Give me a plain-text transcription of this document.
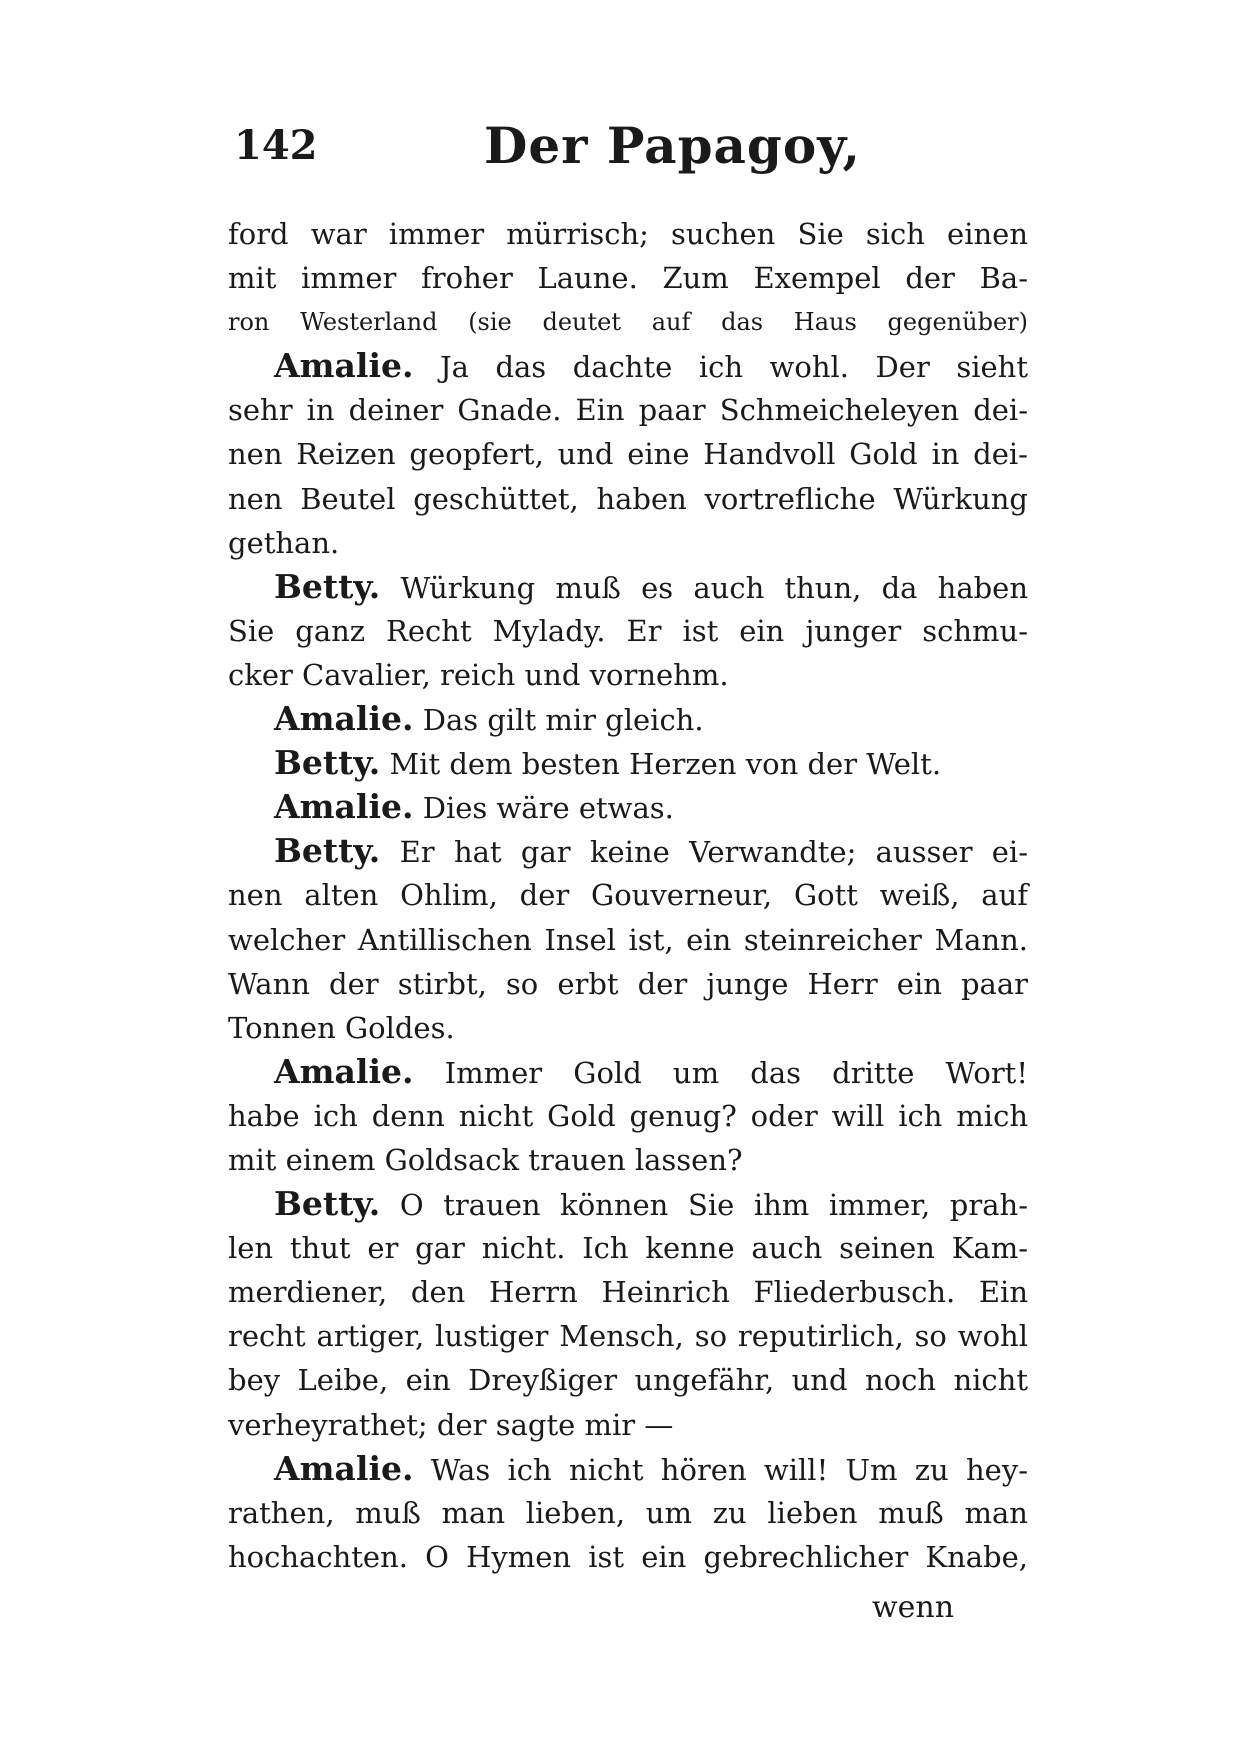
142	Der Papagoy,
ford war immer mürrisch; suchen Sie sich einen
mit immer froher Laune. Zum Exempel der Ba-
ron Westerland (sie deutet auf das Haus gegenüber)
Amalie. Ja das dachte ich wohl. Der sieht
sehr in deiner Gnade. Ein paar Schmeicheleyen dei-
nen Reizen geopfert, und eine Handvoll Gold in dei-
nen Beutel geschüttet, haben vortrefliche Würkung
gethan.
Betty. Würkung muß es auch thun, da haben
Sie ganz Recht Mylady. Er ist ein junger schmu-
cker Cavalier, reich und vornehm.
Amalie. Das gilt mir gleich.
Betty. Mit dem besten Herzen von der Welt.
Amalie. Dies wäre etwas.
Betty. Er hat gar keine Verwandte; ausser ei-
nen alten Ohlim, der Gouverneur, Gott weiß, auf
welcher Antillischen Insel ist, ein steinreicher Mann.
Wann der stirbt, so erbt der junge Herr ein paar
Tonnen Goldes.
Amalie. Immer Gold um das dritte Wort!
habe ich denn nicht Gold genug? oder will ich mich
mit einem Goldsack trauen lassen?
Betty. O trauen können Sie ihm immer, prah-
len thut er gar nicht. Ich kenne auch seinen Kam-
merdiener, den Herrn Heinrich Fliederbusch. Ein
recht artiger, lustiger Mensch, so reputirlich, so wohl
bey Leibe, ein Dreyßiger ungefähr, und noch nicht
verheyrathet; der sagte mir —
Amalie. Was ich nicht hören will! Um zu hey-
rathen, muß man lieben, um zu lieben muß man
hochachten. O Hymen ist ein gebrechlicher Knabe,
wenn
